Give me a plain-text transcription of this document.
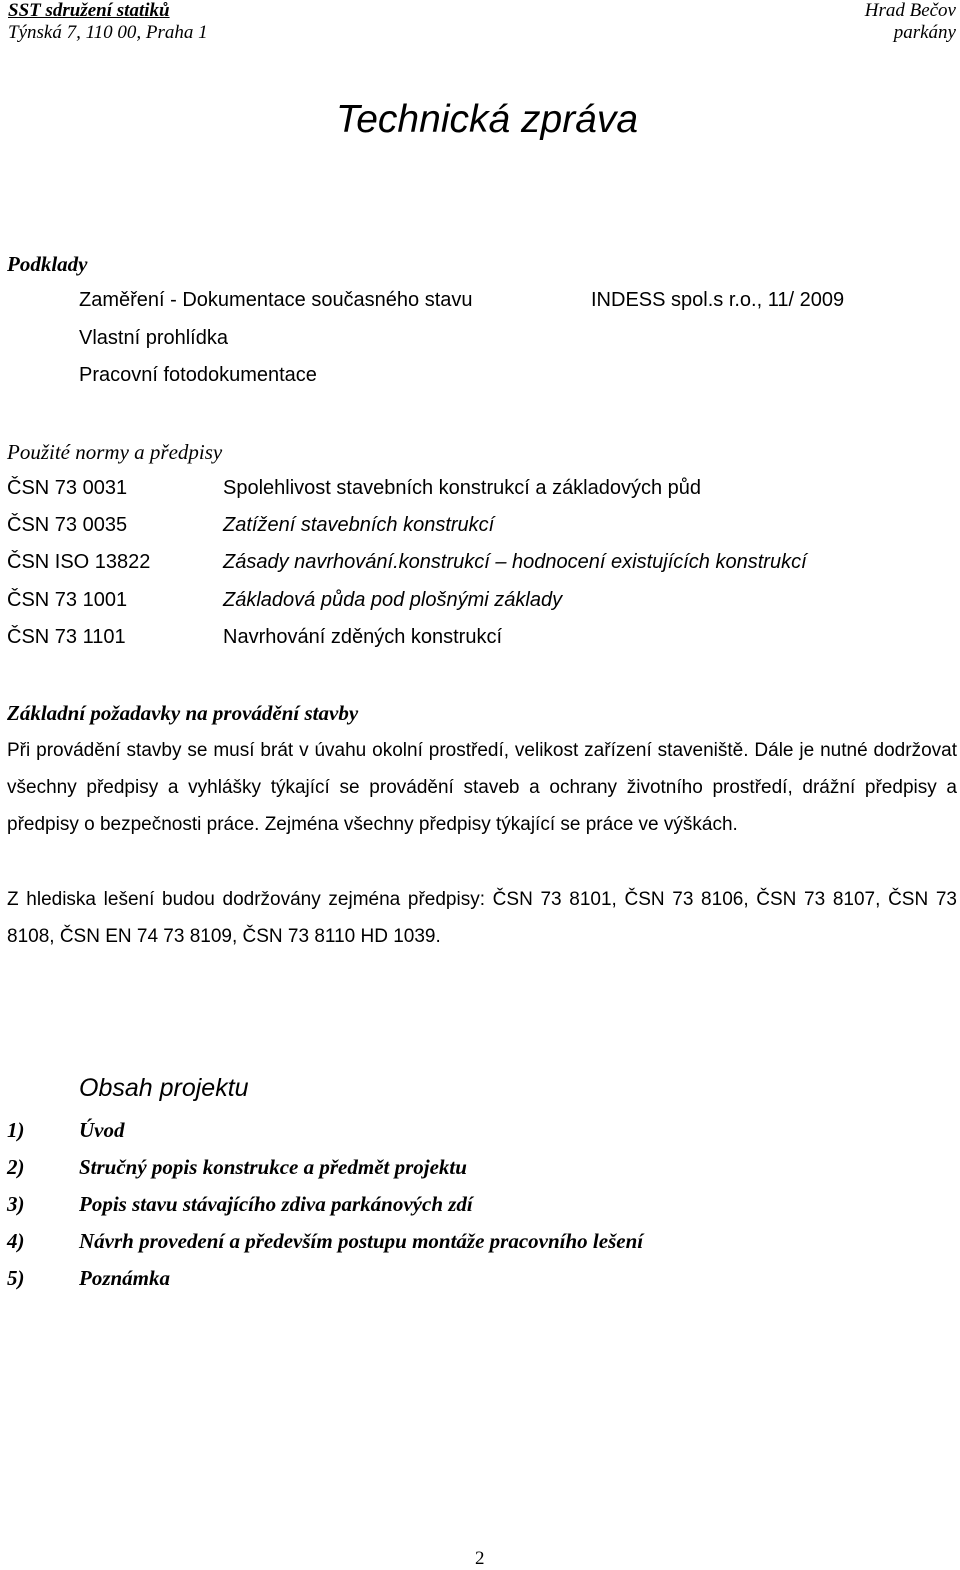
SST sdružení statiků
Týnská 7, 110 00, Praha 1
Hrad Bečov
parkány
Technická zpráva
Podklady
Zaměření - Dokumentace současného stavu	INDESS spol.s r.o., 11/ 2009
Vlastní prohlídka
Pracovní fotodokumentace
Použité normy a předpisy
ČSN 73 0031	Spolehlivost stavebních konstrukcí a základových půd
ČSN 73 0035	Zatížení stavebních konstrukcí
ČSN ISO 13822	Zásady navrhování.konstrukcí – hodnocení existujících konstrukcí
ČSN 73 1001	Základová půda pod plošnými základy
ČSN 73 1101	Navrhování zděných konstrukcí
Základní požadavky na provádění stavby

Při provádění stavby se musí brát v úvahu okolní prostředí, velikost zařízení staveniště. Dále je nutné dodržovat všechny předpisy a vyhlášky týkající se provádění staveb a ochrany životního prostředí, drážní předpisy a předpisy o bezpečnosti práce. Zejména všechny předpisy týkající se práce ve výškách.

Z hlediska lešení budou dodržovány zejména předpisy: ČSN 73 8101, ČSN 73 8106, ČSN 73 8107, ČSN 73 8108, ČSN EN 74 73 8109, ČSN 73 8110 HD 1039.

Obsah projektu
1)	Úvod
2)	Stručný popis konstrukce a předmět projektu
3)	Popis stavu stávajícího zdiva parkánových zdí
4)	Návrh provedení a především postupu montáže pracovního lešení
5)	Poznámka
2
